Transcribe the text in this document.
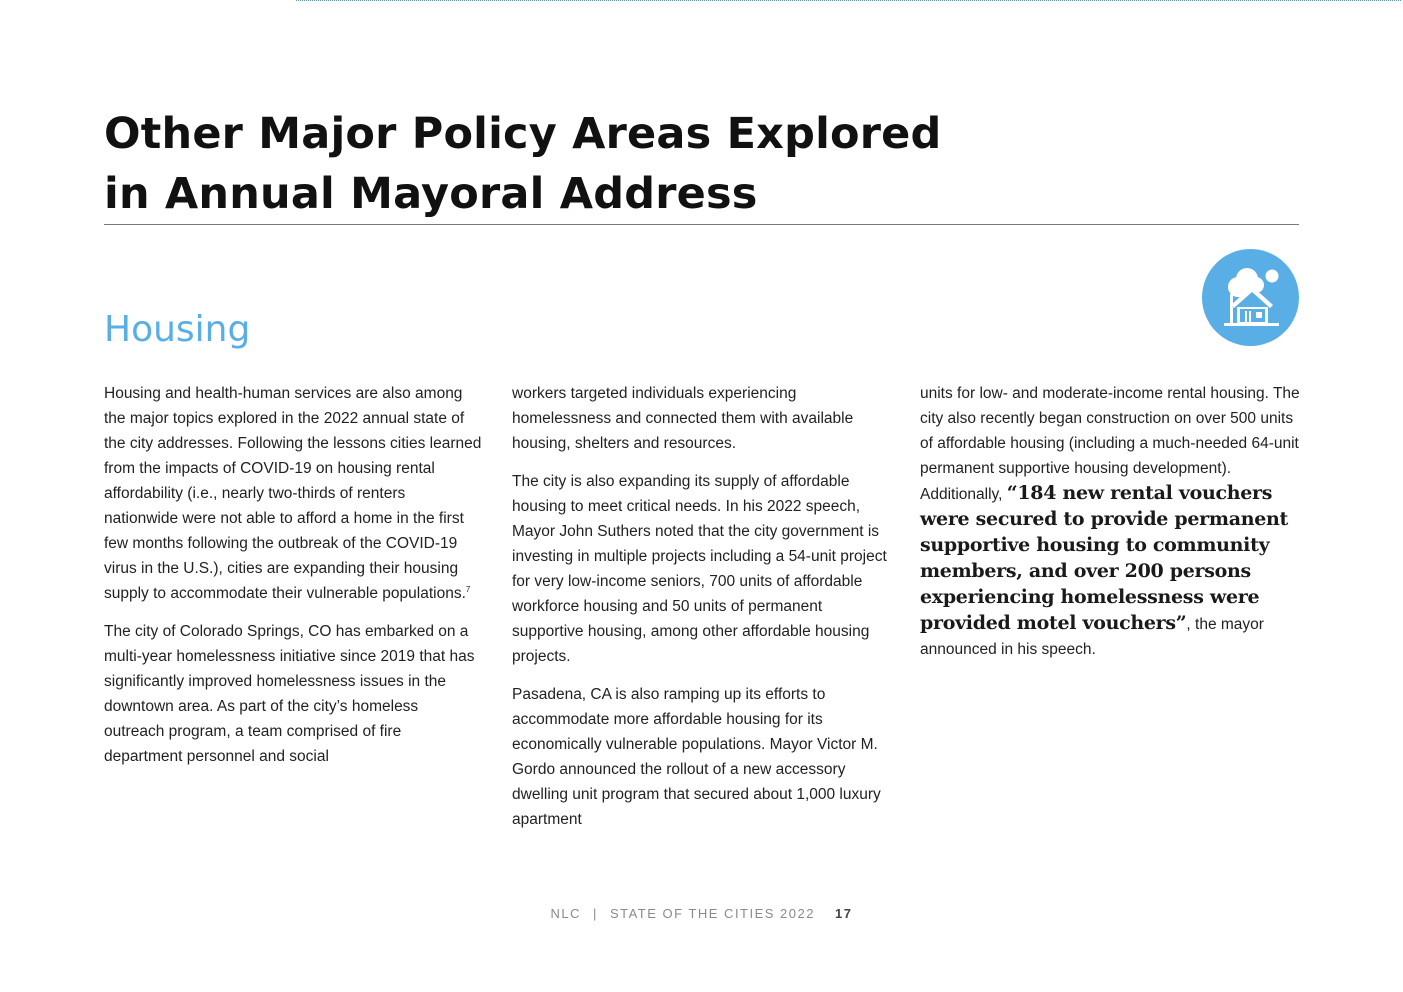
Other Major Policy Areas Explored
in Annual Mayoral Address
Housing

Housing and health-human services are also among the major topics explored in the 2022 annual state of the city addresses. Following the lessons cities learned from the impacts of COVID-19 on housing rental affordability (i.e., nearly two-thirds of renters nationwide were not able to afford a home in the first few months following the outbreak of the COVID-19 virus in the U.S.), cities are expanding their housing supply to accommodate their vulnerable populations.$^7$

The city of Colorado Springs, CO has embarked on a multi-year homelessness initiative since 2019 that has significantly improved homelessness issues in the downtown area. As part of the city’s homeless outreach program, a team comprised of fire department personnel and social

workers targeted individuals experiencing homelessness and connected them with available housing, shelters and resources.

The city is also expanding its supply of affordable housing to meet critical needs. In his 2022 speech, Mayor John Suthers noted that the city government is investing in multiple projects including a 54-unit project for very low-income seniors, 700 units of affordable workforce housing and 50 units of permanent supportive housing, among other affordable housing projects.

Pasadena, CA is also ramping up its efforts to accommodate more affordable housing for its economically vulnerable populations. Mayor Victor M. Gordo announced the rollout of a new accessory dwelling unit program that secured about 1,000 luxury apartment

units for low- and moderate-income rental housing. The city also recently began construction on over 500 units of affordable housing (including a much-needed 64-unit permanent supportive housing development). Additionally, “184 new rental vouchers were secured to provide permanent supportive housing to community members, and over 200 persons experiencing homelessness were provided motel vouchers”, the mayor announced in his speech.

NLC | STATE OF THE CITIES 2022 17
